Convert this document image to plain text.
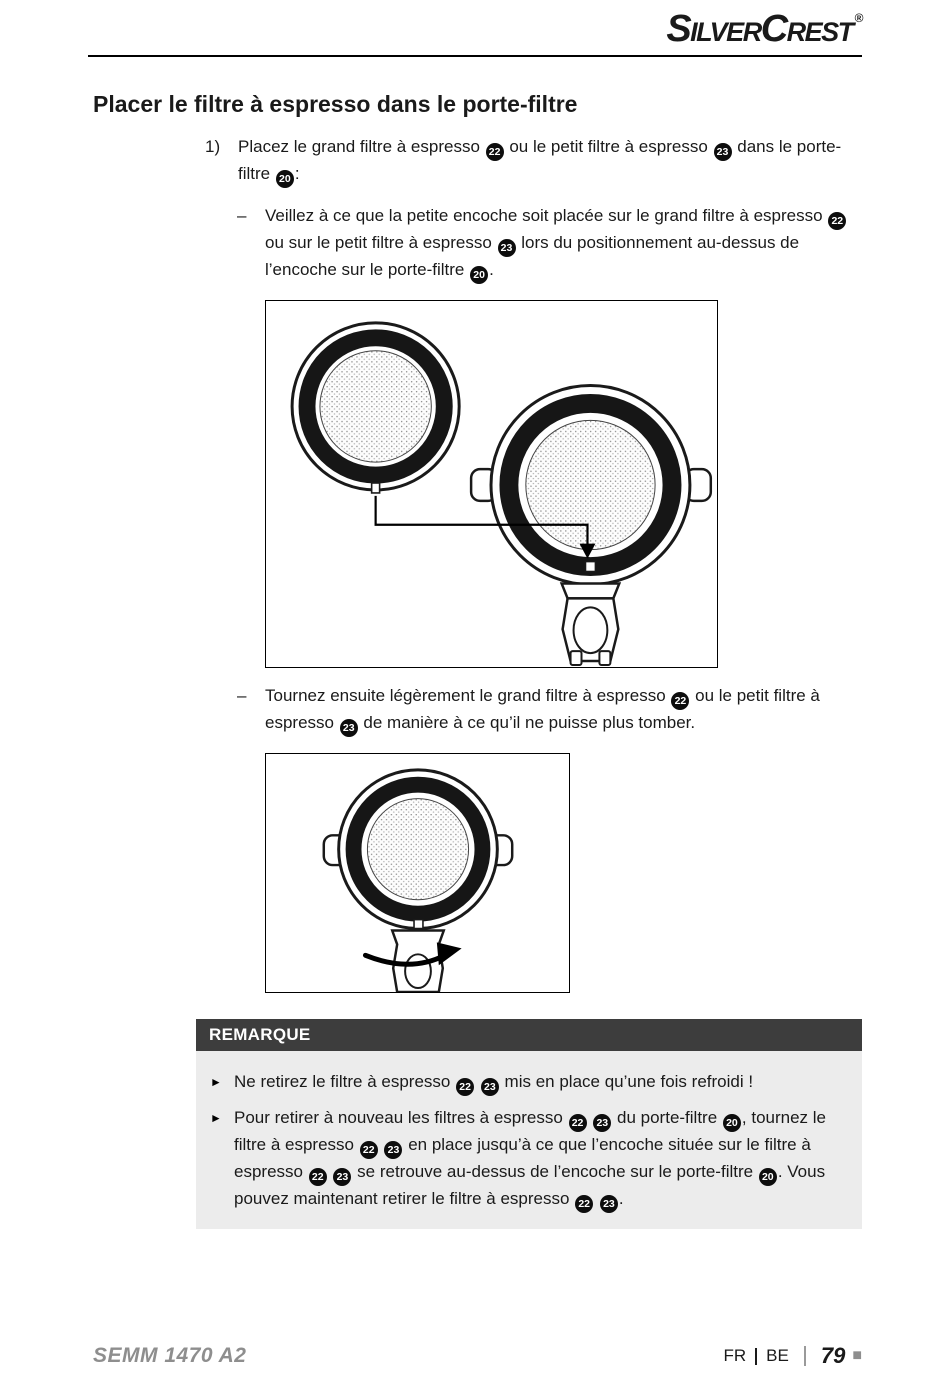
SilverCrest ®
Placer le filtre à espresso dans le porte-filtre
1)	Placez le grand filtre à espresso 22 ou le petit filtre à espresso 23 dans le porte-filtre 20 :
–	Veillez à ce que la petite encoche soit placée sur le grand filtre à espresso 22 ou sur le petit filtre à espresso 23 lors du positionnement au-dessus de l’encoche sur le porte-filtre 20 .
–	Tournez ensuite légèrement le grand filtre à espresso 22 ou le petit filtre à espresso 23 de manière à ce qu’il ne puisse plus tomber.
REMARQUE
► Ne retirez le filtre à espresso 22 23 mis en place qu’une fois refroidi !
► Pour retirer à nouveau les filtres à espresso 22 23 du porte-filtre 20 , tournez le filtre à espresso 22 23 en place jusqu’à ce que l’encoche située sur le filtre à espresso 22 23 se retrouve au-dessus de l’encoche sur le porte-filtre 20 . Vous pouvez maintenant retirer le filtre à espresso 22 23 .
SEMM 1470 A2	FR BE 79 ■
